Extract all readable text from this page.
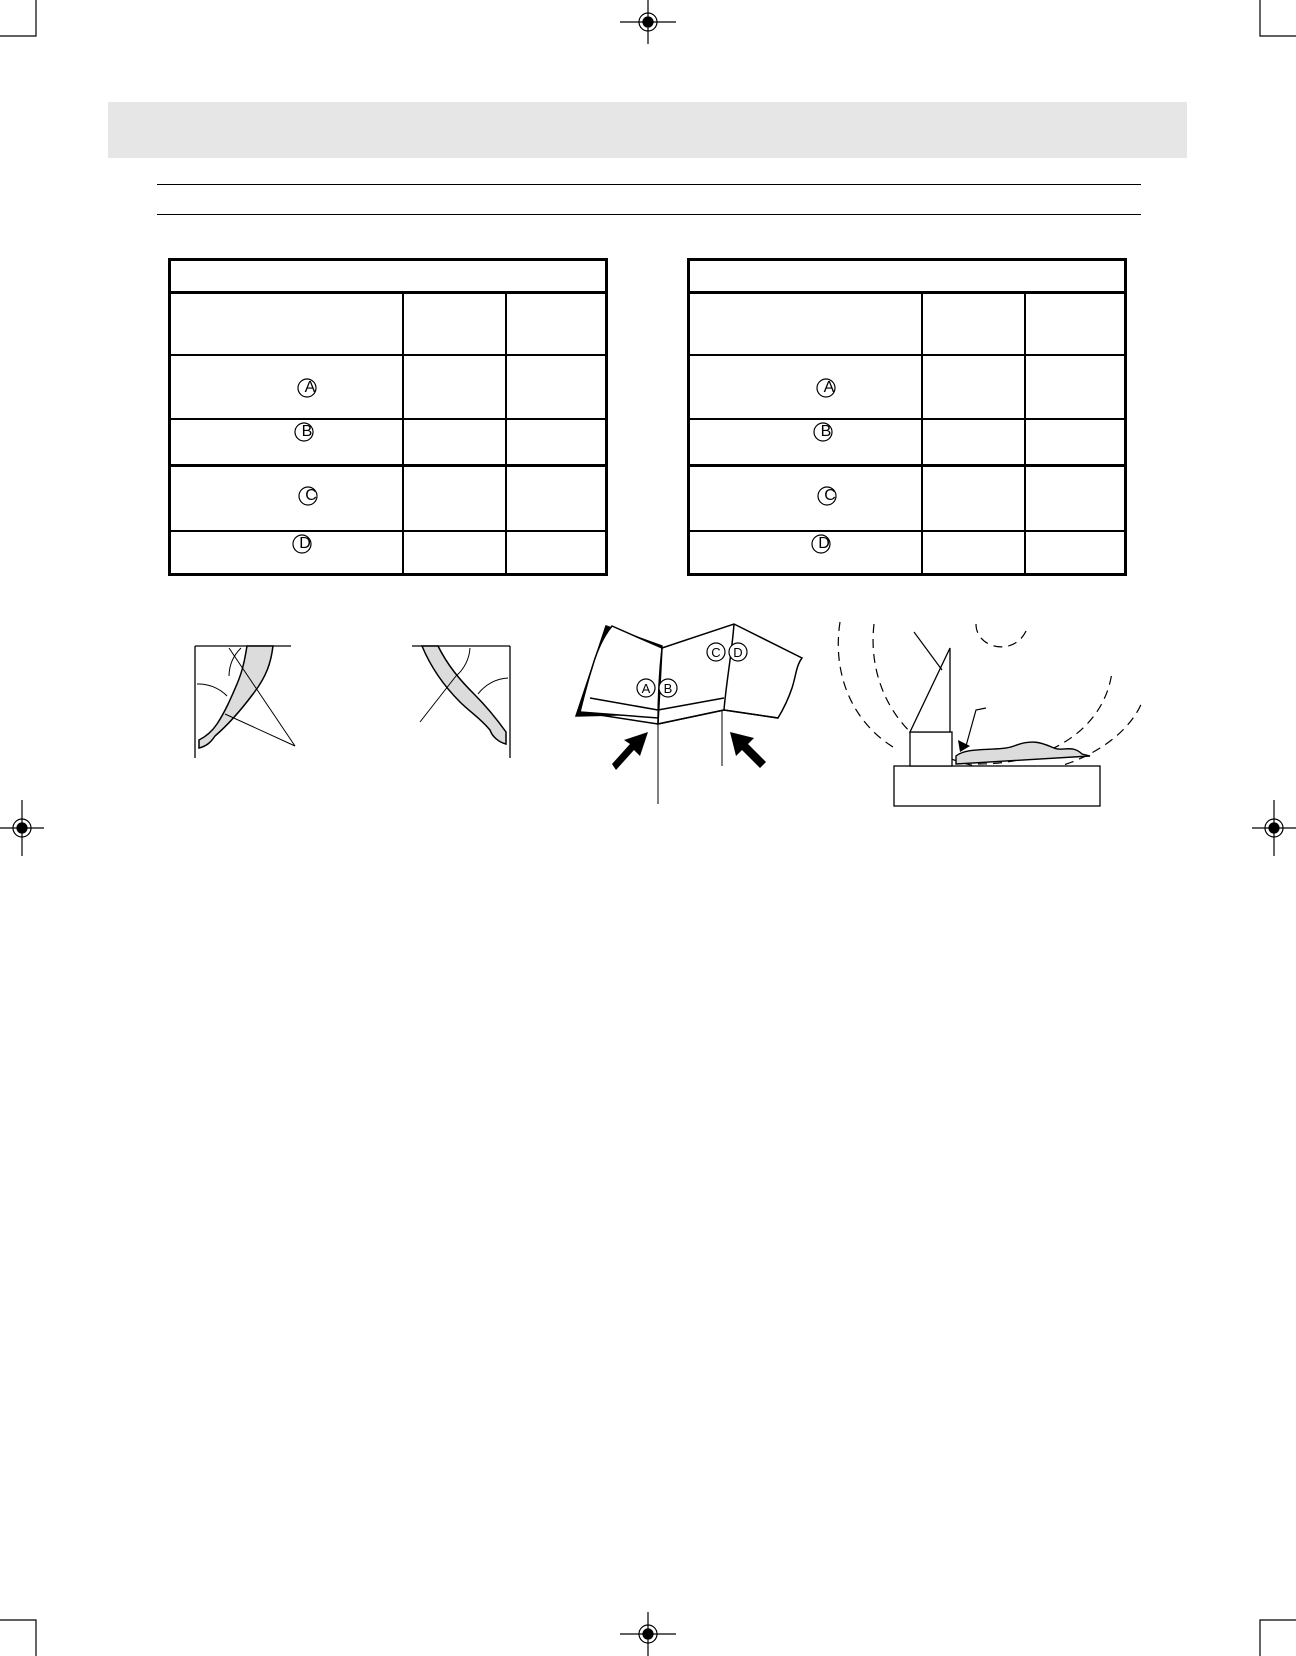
A
B
C
D
A
B
C
D
A B
C D
